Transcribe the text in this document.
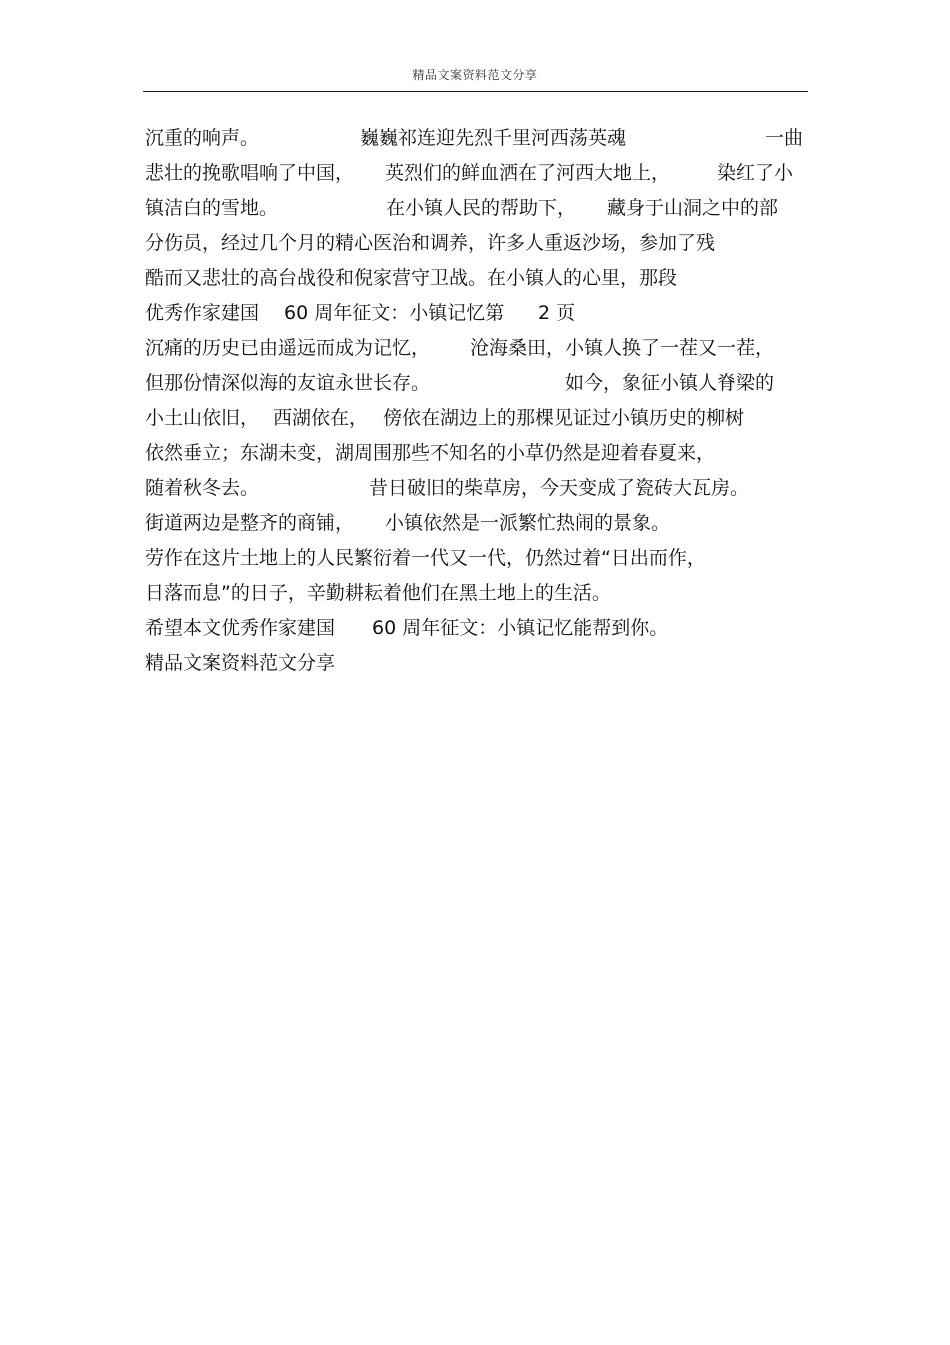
精品文案资料范文分享
沉重的响声。	巍巍祁连迎先烈千里河西荡英魂	一曲
悲壮的挽歌唱响了中国， 英烈们的鲜血洒在了河西大地上， 染红了小
镇洁白的雪地。	在小镇人民的帮助下， 藏身于山洞之中的部
分伤员，经过几个月的精心医治和调养，许多人重返沙场，参加了残
酷而又悲壮的高台战役和倪家营守卫战。在小镇人的心里，那段
优秀作家建国 60 周年征文：小镇记忆第 2 页
沉痛的历史已由遥远而成为记忆， 沧海桑田，小镇人换了一茬又一茬，
但那份情深似海的友谊永世长存。	如今，象征小镇人脊梁的
小土山依旧， 西湖依在， 傍依在湖边上的那棵见证过小镇历史的柳树
依然垂立；东湖未变，湖周围那些不知名的小草仍然是迎着春夏来，
随着秋冬去。	昔日破旧的柴草房，今天变成了瓷砖大瓦房。
街道两边是整齐的商铺， 小镇依然是一派繁忙热闹的景象。
劳作在这片土地上的人民繁衍着一代又一代，仍然过着“日出而作，
日落而息”的日子，辛勤耕耘着他们在黑土地上的生活。
希望本文优秀作家建国 60 周年征文：小镇记忆能帮到你。
精品文案资料范文分享
